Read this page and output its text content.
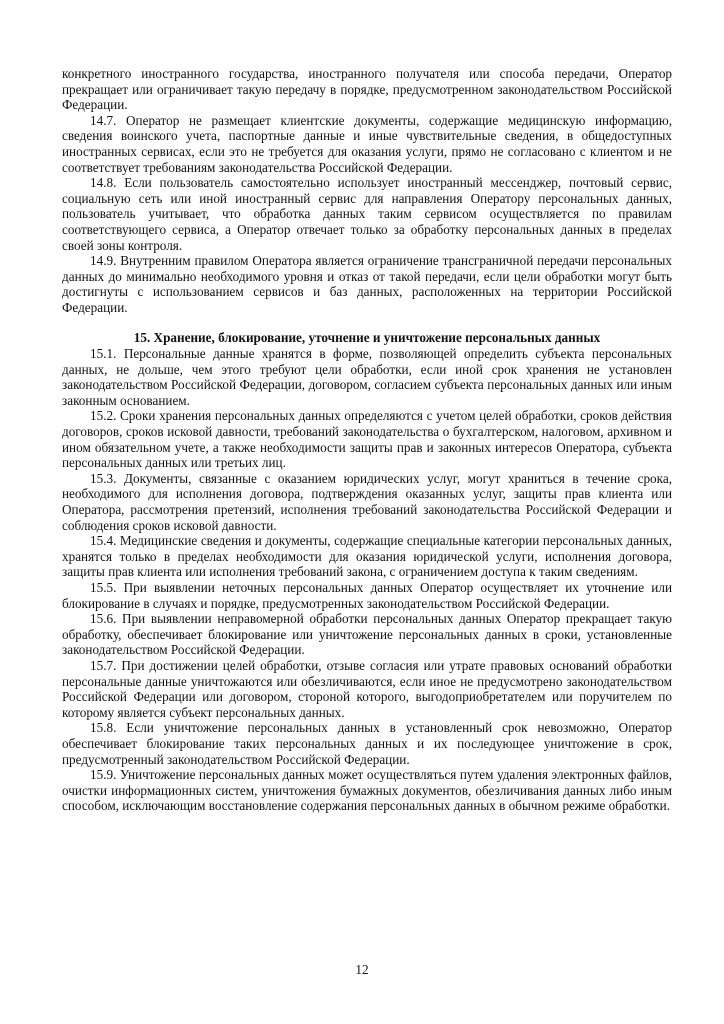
конкретного иностранного государства, иностранного получателя или способа передачи, Оператор прекращает или ограничивает такую передачу в порядке, предусмотренном законодательством Российской Федерации.

14.7. Оператор не размещает клиентские документы, содержащие медицинскую информацию, сведения воинского учета, паспортные данные и иные чувствительные сведения, в общедоступных иностранных сервисах, если это не требуется для оказания услуги, прямо не согласовано с клиентом и не соответствует требованиям законодательства Российской Федерации.

14.8. Если пользователь самостоятельно использует иностранный мессенджер, почтовый сервис, социальную сеть или иной иностранный сервис для направления Оператору персональных данных, пользователь учитывает, что обработка данных таким сервисом осуществляется по правилам соответствующего сервиса, а Оператор отвечает только за обработку персональных данных в пределах своей зоны контроля.

14.9. Внутренним правилом Оператора является ограничение трансграничной передачи персональных данных до минимально необходимого уровня и отказ от такой передачи, если цели обработки могут быть достигнуты с использованием сервисов и баз данных, расположенных на территории Российской Федерации.

15. Хранение, блокирование, уточнение и уничтожение персональных данных

15.1. Персональные данные хранятся в форме, позволяющей определить субъекта персональных данных, не дольше, чем этого требуют цели обработки, если иной срок хранения не установлен законодательством Российской Федерации, договором, согласием субъекта персональных данных или иным законным основанием.

15.2. Сроки хранения персональных данных определяются с учетом целей обработки, сроков действия договоров, сроков исковой давности, требований законодательства о бухгалтерском, налоговом, архивном и ином обязательном учете, а также необходимости защиты прав и законных интересов Оператора, субъекта персональных данных или третьих лиц.

15.3. Документы, связанные с оказанием юридических услуг, могут храниться в течение срока, необходимого для исполнения договора, подтверждения оказанных услуг, защиты прав клиента или Оператора, рассмотрения претензий, исполнения требований законодательства Российской Федерации и соблюдения сроков исковой давности.

15.4. Медицинские сведения и документы, содержащие специальные категории персональных данных, хранятся только в пределах необходимости для оказания юридической услуги, исполнения договора, защиты прав клиента или исполнения требований закона, с ограничением доступа к таким сведениям.

15.5. При выявлении неточных персональных данных Оператор осуществляет их уточнение или блокирование в случаях и порядке, предусмотренных законодательством Российской Федерации.

15.6. При выявлении неправомерной обработки персональных данных Оператор прекращает такую обработку, обеспечивает блокирование или уничтожение персональных данных в сроки, установленные законодательством Российской Федерации.

15.7. При достижении целей обработки, отзыве согласия или утрате правовых оснований обработки персональные данные уничтожаются или обезличиваются, если иное не предусмотрено законодательством Российской Федерации или договором, стороной которого, выгодоприобретателем или поручителем по которому является субъект персональных данных.

15.8. Если уничтожение персональных данных в установленный срок невозможно, Оператор обеспечивает блокирование таких персональных данных и их последующее уничтожение в срок, предусмотренный законодательством Российской Федерации.

15.9. Уничтожение персональных данных может осуществляться путем удаления электронных файлов, очистки информационных систем, уничтожения бумажных документов, обезличивания данных либо иным способом, исключающим восстановление содержания персональных данных в обычном режиме обработки.

12
